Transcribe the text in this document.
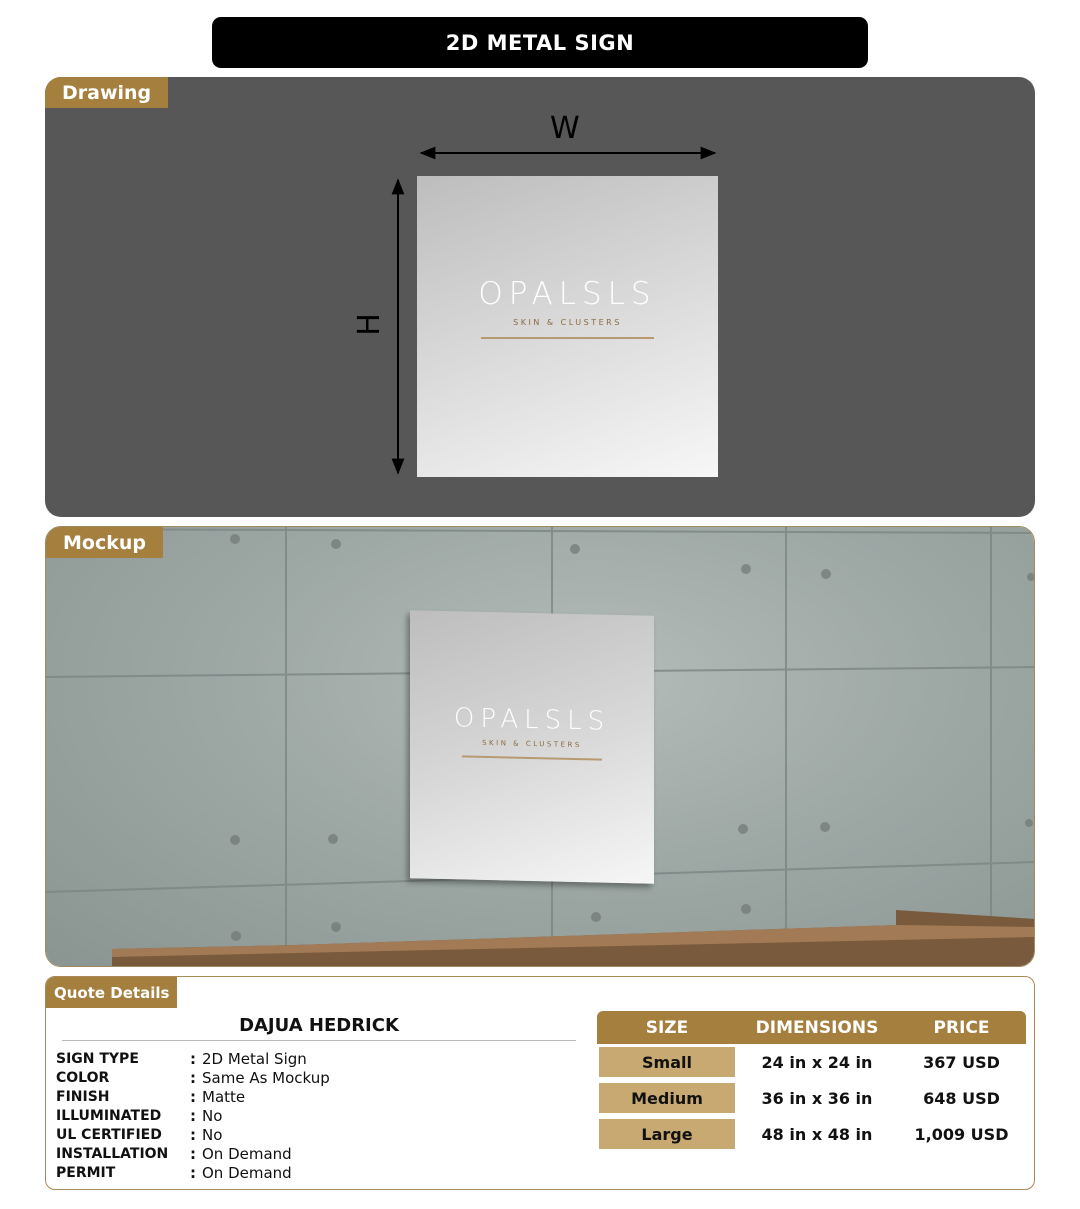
2D METAL SIGN
Drawing
W
H
OPALSLS
SKIN & CLUSTERS
Mockup
OPALSLS
SKIN & CLUSTERS
Quote Details
DAJUA HEDRICK
SIGN TYPE	: 2D Metal Sign
COLOR	: Same As Mockup
FINISH	: Matte
ILLUMINATED	: No
UL CERTIFIED	: No
INSTALLATION	: On Demand
PERMIT	: On Demand
SIZE	DIMENSIONS	PRICE
Small	24 in x 24 in	367 USD
Medium	36 in x 36 in	648 USD
Large	48 in x 48 in	1,009 USD
